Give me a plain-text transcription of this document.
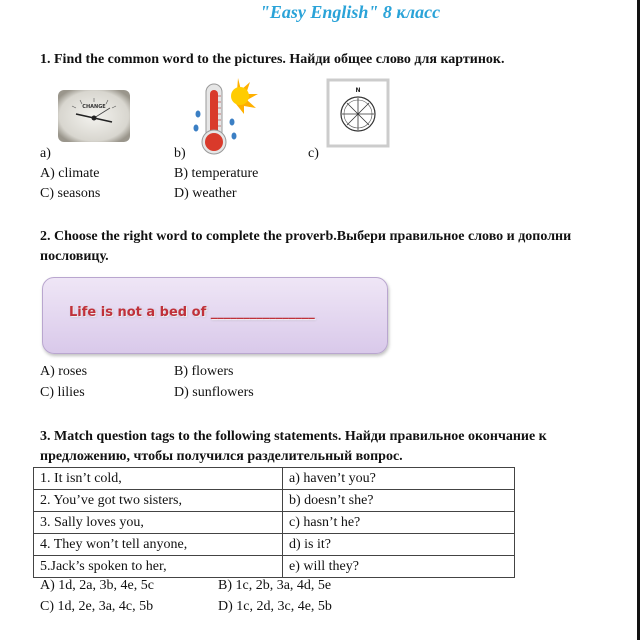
"Easy English" 8 класс
1. Find the common word to the pictures. Найди общее слово для картинок.
CHANGE
N
a)	b)	c)
A) climate	B) temperature
C) seasons	D) weather
2. Choose the right word to complete the proverb.Выбери правильное слово и дополни
пословицу.
Life is not a bed of ________________
A) roses	B) flowers
C) lilies	D) sunflowers
3. Match question tags to the following statements. Найди правильное окончание к
предложению, чтобы получился разделительный вопрос.
1. It isn’t cold,	a) haven’t you?
2. You’ve got two sisters,	b) doesn’t she?
3. Sally loves you,	c) hasn’t he?
4. They won’t tell anyone,	d) is it?
5.Jack’s spoken to her,	e) will they?
A) 1d, 2a, 3b, 4e, 5c	B) 1c, 2b, 3a, 4d, 5e
C) 1d, 2e, 3a, 4c, 5b	D) 1c, 2d, 3c, 4e, 5b
